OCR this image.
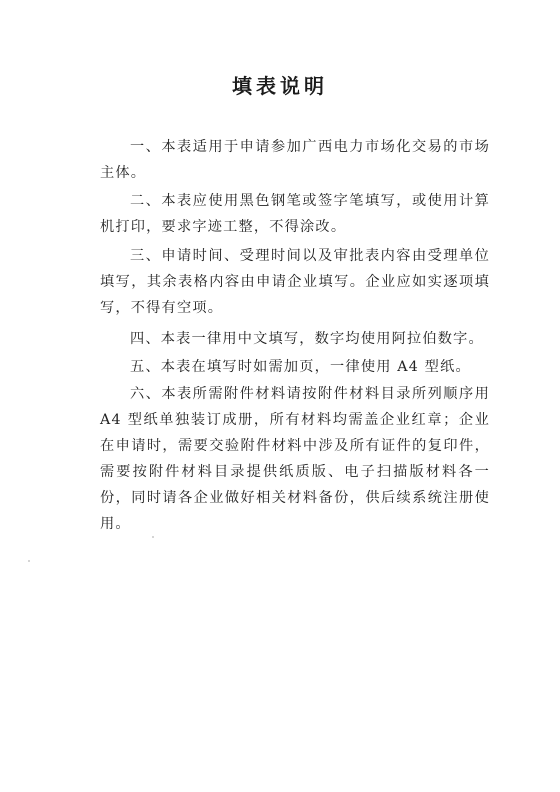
填表说明
一、本表适用于申请参加广西电力市场化交易的市场主体。
二、本表应使用黑色钢笔或签字笔填写，或使用计算机打印，要求字迹工整，不得涂改。
三、申请时间、受理时间以及审批表内容由受理单位填写，其余表格内容由申请企业填写。企业应如实逐项填写，不得有空项。
四、本表一律用中文填写，数字均使用阿拉伯数字。
五、本表在填写时如需加页，一律使用 A4 型纸。
六、本表所需附件材料请按附件材料目录所列顺序用 A4 型纸单独装订成册，所有材料均需盖企业红章；企业在申请时，需要交验附件材料中涉及所有证件的复印件，需要按附件材料目录提供纸质版、电子扫描版材料各一份，同时请各企业做好相关材料备份，供后续系统注册使用。
